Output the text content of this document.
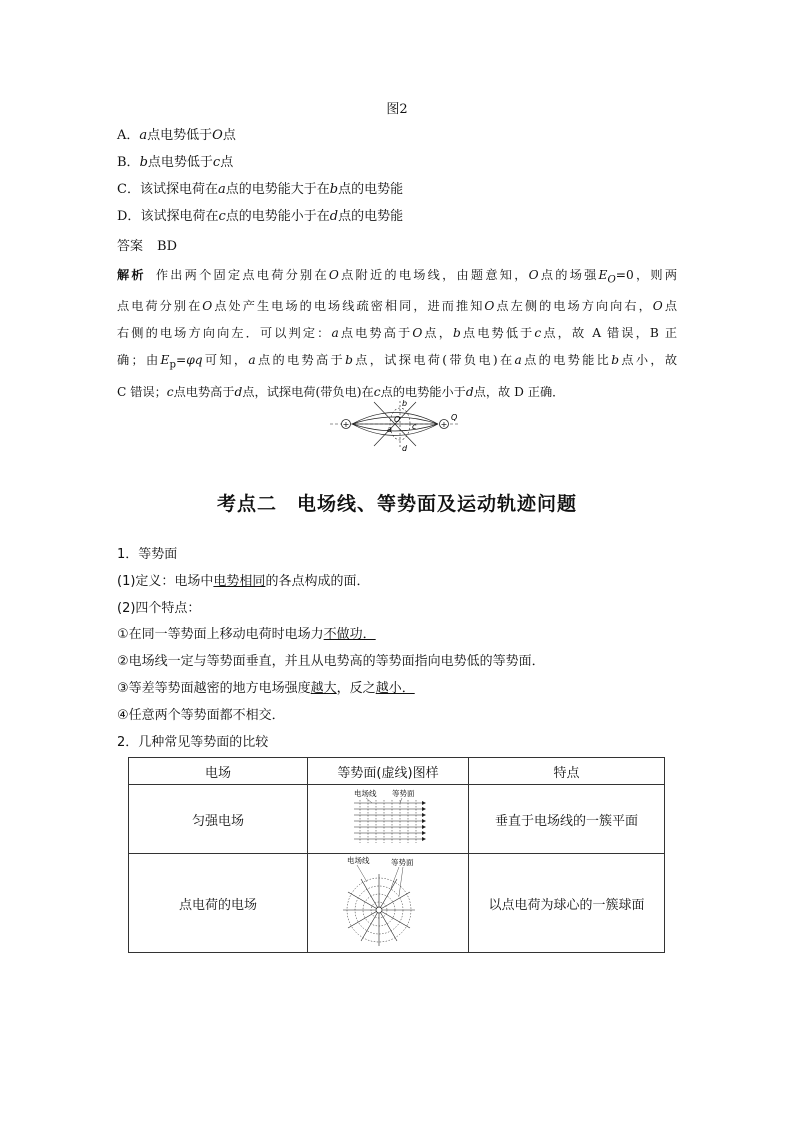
图2
A．a点电势低于O点
B．b点电势低于c点
C．该试探电荷在a点的电势能大于在b点的电势能
D．该试探电荷在c点的电势能小于在d点的电势能
答案 BD

解析 作出两个固定点电荷分别在O点附近的电场线，由题意知，O点的场强$E_O=0$，则两

点电荷分别在O点处产生电场的电场线疏密相同，进而推知O点左侧的电场方向向右，O点

右侧的电场方向向左．可以判定：a点电势高于O点，b点电势低于c点，故 A 错误，B 正

确；由$E_p=\varphi q$可知，a点的电势高于b点，试探电荷(带负电)在a点的电势能比b点小，故

C 错误；c点电势高于d点，试探电荷(带负电)在c点的电势能小于d点，故 D 正确．

+	+
b
d
a	c
O	Q
考点二　电场线、等势面及运动轨迹问题
1．等势面
(1)定义：电场中电势相同的各点构成的面．
(2)四个特点：
①在同一等势面上移动电荷时电场力不做功．
②电场线一定与等势面垂直，并且从电势高的等势面指向电势低的等势面．
③等差等势面越密的地方电场强度越大，反之越小．
④任意两个等势面都不相交．
2．几种常见等势面的比较
电场	等势面(虚线)图样	特点
匀强电场	电场线 等势面	垂直于电场线的一簇平面
点电荷的电场	电场线 等势面	以点电荷为球心的一簇球面
